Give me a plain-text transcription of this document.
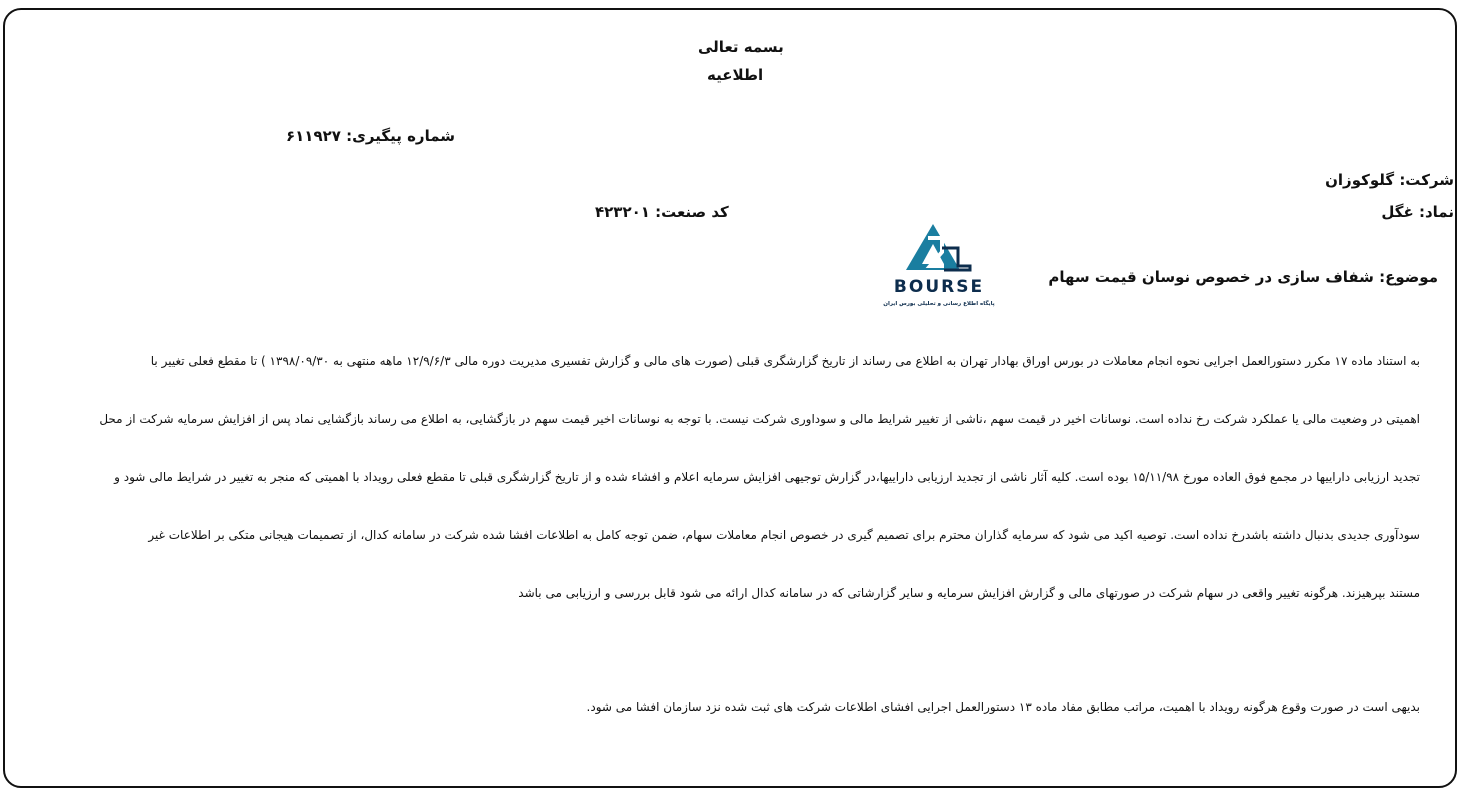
بسمه تعالی
اطلاعیه
شماره پیگیری: ۶۱۱۹۲۷
شرکت: گلوکوزان
نماد: غگل
کد صنعت: ۴۲۳۲۰۱
موضوع: شفاف سازی در خصوص نوسان قیمت سهام
BOURSE
پایگاه اطلاع رسانی و تحلیلی بورس ایران
به استناد ماده ۱۷ مکرر دستورالعمل اجرایی نحوه انجام معاملات در بورس اوراق بهادار تهران به اطلاع می رساند از تاریخ گزارشگری قبلی (صورت های مالی و گزارش تفسیری مدیریت دوره مالی ۱۲/۹/۶/۳ ماهه منتهی به ۱۳۹۸/۰۹/۳۰ ) تا مقطع فعلی تغییر با
اهمیتی در وضعیت مالی یا عملکرد شرکت رخ نداده است. نوسانات اخیر در قیمت سهم ،ناشی از تغییر شرایط مالی و سوداوری شرکت نیست. با توجه به نوسانات اخیر قیمت سهم در بازگشایی، به اطلاع می رساند بازگشایی نماد پس از افزایش سرمایه شرکت از محل
تجدید ارزیابی داراییها در مجمع فوق العاده مورخ ۱۵/۱۱/۹۸ بوده است. کلیه آثار ناشی از تجدید ارزیابی داراییها،در گزارش توجیهی افزایش سرمایه اعلام و افشاء شده و از تاریخ گزارشگری قبلی تا مقطع فعلی رویداد با اهمیتی که منجر به تغییر در شرایط مالی شود و
سودآوری جدیدی بدنبال داشته باشدرخ نداده است. توصیه اکید می شود که سرمایه گذاران محترم برای تصمیم گیری در خصوص انجام معاملات سهام، ضمن توجه کامل به اطلاعات افشا شده شرکت در سامانه کدال، از تصمیمات هیجانی متکی بر اطلاعات غیر
مستند بپرهیزند. هرگونه تغییر واقعی در سهام شرکت در صورتهای مالی و گزارش افزایش سرمایه و سایر گزارشاتی که در سامانه کدال ارائه می شود قابل بررسی و ارزیابی می باشد
بدیهی است در صورت وقوع هرگونه رویداد با اهمیت، مراتب مطابق مفاد ماده ۱۳ دستورالعمل اجرایی افشای اطلاعات شرکت های ثبت شده نزد سازمان افشا می شود.
